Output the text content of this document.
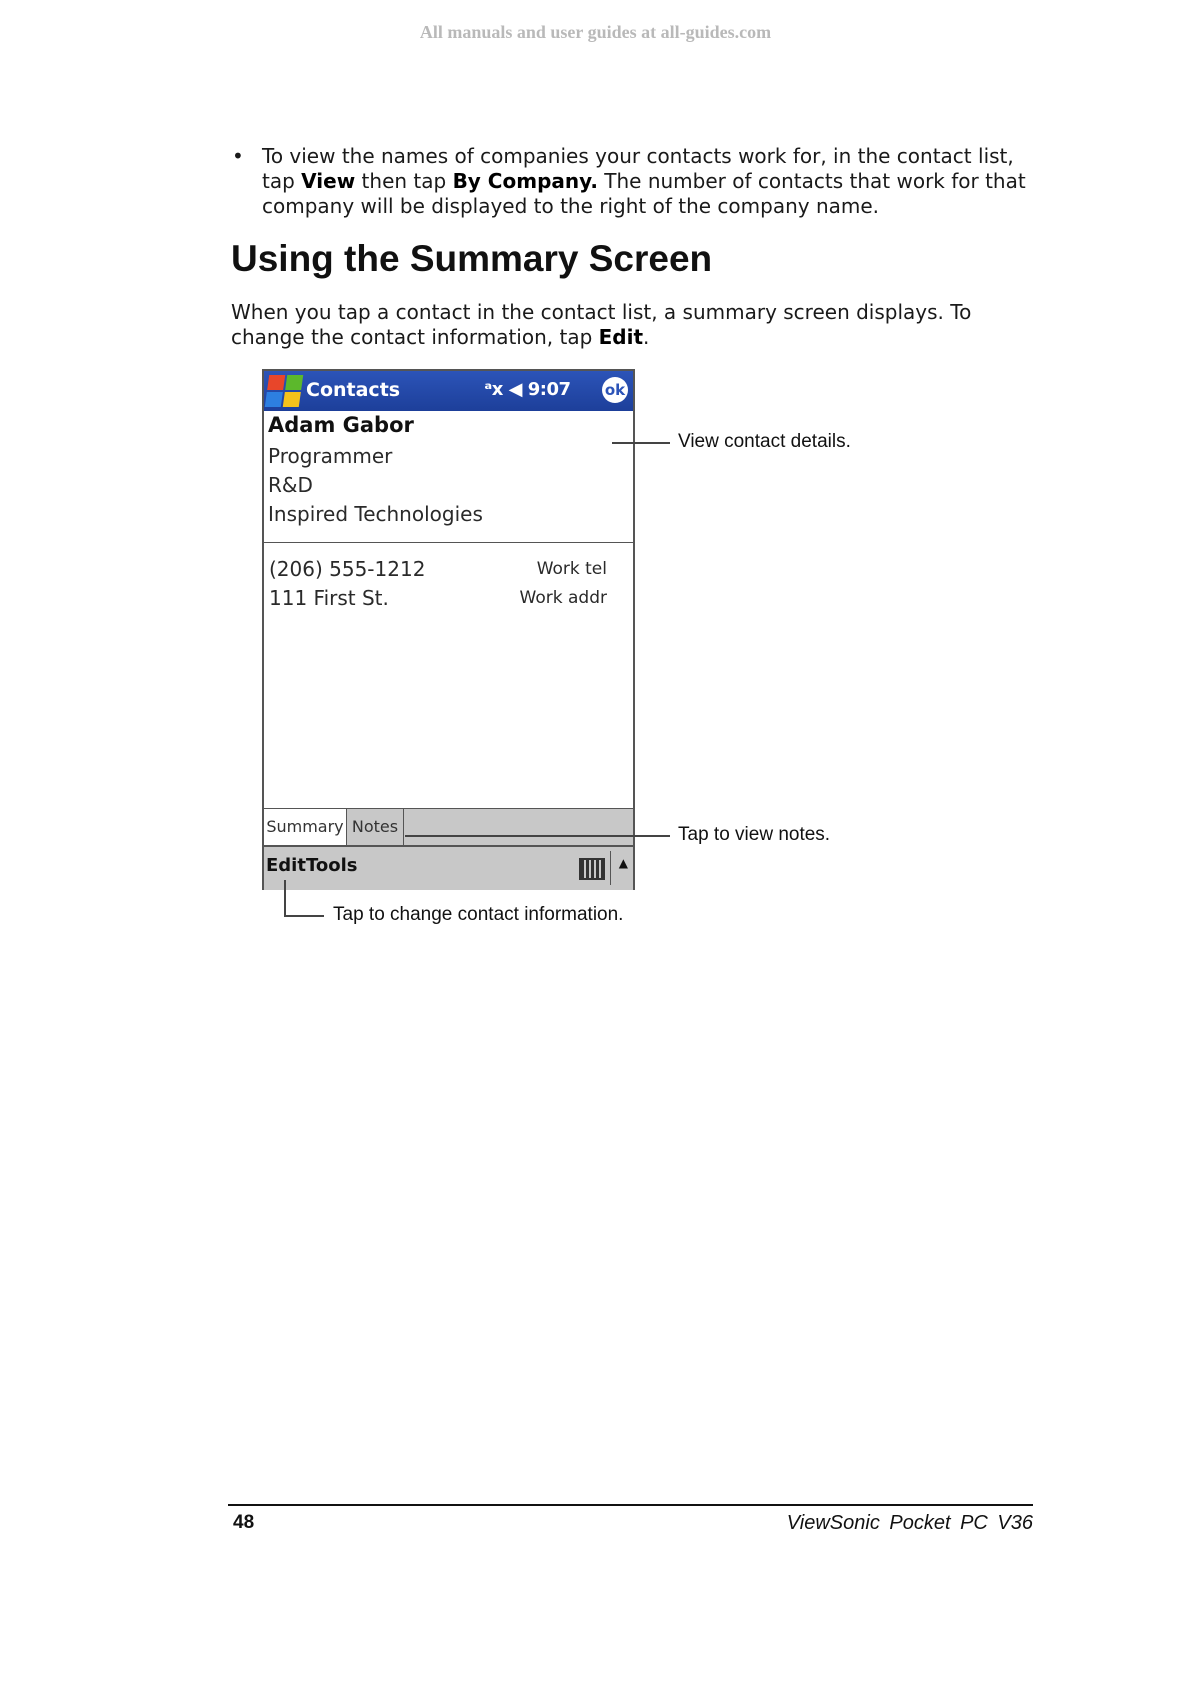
All manuals and user guides at all-guides.com
• To view the names of companies your contacts work for, in the contact list, tap View then tap By Company. The number of contacts that work for that company will be displayed to the right of the company name.
Using the Summary Screen
When you tap a contact in the contact list, a summary screen displays. To change the contact information, tap Edit.
Contacts	ᵃx ◀ 9:07 ok
Adam Gabor
Programmer
R&D
Inspired Technologies
(206) 555-1212	Work tel
111 First St.	Work addr
Summary Notes
Edit Tools	▲
View contact details.
Tap to view notes.
Tap to change contact information.
48	ViewSonic Pocket PC V36
